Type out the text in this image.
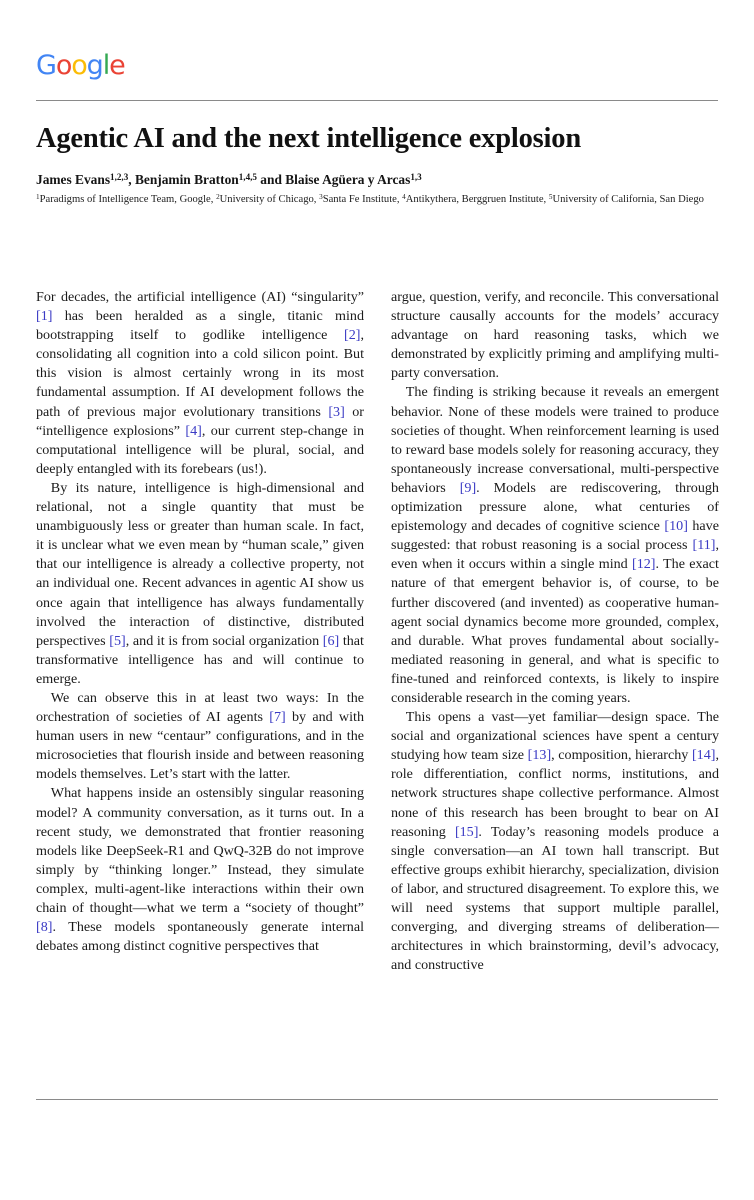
Google
Agentic AI and the next intelligence explosion
James Evans$^{1,2,3}$, Benjamin Bratton$^{1,4,5}$ and Blaise Agüera y Arcas$^{1,3}$
$^1$Paradigms of Intelligence Team, Google, $^2$University of Chicago, $^3$Santa Fe Institute, $^4$Antikythera, Berggruen Institute, $^5$University of California, San Diego

For decades, the artificial intelligence (AI) “singularity” [1] has been heralded as a single, titanic mind bootstrapping itself to godlike intelligence [2], consolidating all cognition into a cold silicon point. But this vision is almost certainly wrong in its most fundamental assumption. If AI development follows the path of previous major evolutionary transitions [3] or “intelligence explosions” [4], our current step-change in computational intelligence will be plural, social, and deeply entangled with its forebears (us!).

By its nature, intelligence is high-dimensional and relational, not a single quantity that must be unambiguously less or greater than human scale. In fact, it is unclear what we even mean by “human scale,” given that our intelligence is already a collective property, not an individual one. Recent advances in agentic AI show us once again that intelligence has always fundamentally involved the interaction of distinctive, distributed perspectives [5], and it is from social organization [6] that transformative intelligence has and will continue to emerge.

We can observe this in at least two ways: In the orchestration of societies of AI agents [7] by and with human users in new “centaur” configurations, and in the microsocieties that flourish inside and between reasoning models themselves. Let’s start with the latter.

What happens inside an ostensibly singular reasoning model? A community conversation, as it turns out. In a recent study, we demonstrated that frontier reasoning models like DeepSeek-R1 and QwQ-32B do not improve simply by “thinking longer.” Instead, they simulate complex, multi-agent-like interactions within their own chain of thought—what we term a “society of thought” [8]. These models spontaneously generate internal debates among distinct cognitive perspectives that

argue, question, verify, and reconcile. This conversational structure causally accounts for the models’ accuracy advantage on hard reasoning tasks, which we demonstrated by explicitly priming and amplifying multi-party conversation.

The finding is striking because it reveals an emergent behavior. None of these models were trained to produce societies of thought. When reinforcement learning is used to reward base models solely for reasoning accuracy, they spontaneously increase conversational, multi-perspective behaviors [9]. Models are rediscovering, through optimization pressure alone, what centuries of epistemology and decades of cognitive science [10] have suggested: that robust reasoning is a social process [11], even when it occurs within a single mind [12]. The exact nature of that emergent behavior is, of course, to be further discovered (and invented) as cooperative human-agent social dynamics become more grounded, complex, and durable. What proves fundamental about socially-mediated reasoning in general, and what is specific to fine-tuned and reinforced contexts, is likely to inspire considerable research in the coming years.

This opens a vast—yet familiar—design space. The social and organizational sciences have spent a century studying how team size [13], composition, hierarchy [14], role differentiation, conflict norms, institutions, and network structures shape collective performance. Almost none of this research has been brought to bear on AI reasoning [15]. Today’s reasoning models produce a single conversation—an AI town hall transcript. But effective groups exhibit hierarchy, specialization, division of labor, and structured disagreement. To explore this, we will need systems that support multiple parallel, converging, and diverging streams of deliberation—architectures in which brainstorming, devil’s advocacy, and constructive
